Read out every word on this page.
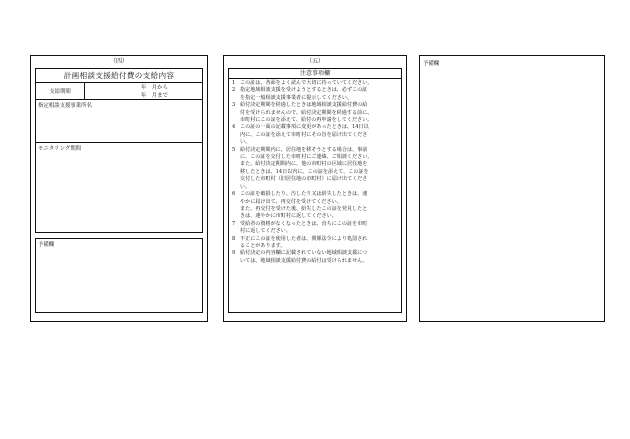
（四）
計画相談支援給付費の支給内容
支給期間
年　月から
年　月まで
指定相談支援事業所名
モニタリング期間
予備欄
（五）
注意事項欄
1 この証は、各面をよく読んで大切に持っていてください。
2 指定地域相談支援を受けようとするときは、必ずこの証
を指定一般相談支援事業者に提示してください。
3 給付決定期間を経過したときは地域相談支援給付費の給
付を受けられませんので、給付決定期間を経過する前に、
市町村にこの証を添えて、給付の再申請をしてください。
4 この証の一面の記載事項に変更があったときは、14日以
内に、この証を添えて市町村にその旨を届け出てくださ
い。
5 給付決定期間内に、居住地を移そうとする場合は、事前
に、この証を交付した市町村にご連絡、ご相談ください。
また、給付決定期間内に、他の市町村の区域に居住地を
移したときは、14日以内に、この証を添えて、この証を
交付した市町村（旧居住地の市町村）に届け出てくださ
い。
6 この証を破損したり、汚したり又は紛失したときは、速
やかに届け出て、再交付を受けてください。
また、再交付を受けた後、紛失したこの証を発見したと
きは、速やかに市町村に返してください。
7 受給者の資格がなくなったときは、直ちにこの証を市町
村に返してください。
8 不正にこの証を使用した者は、関係法令により処罰され
ることがあります。
9 給付決定の内容欄に記載されていない地域相談支援につ
いては、地域相談支援給付費の給付は受けられません。
予備欄
